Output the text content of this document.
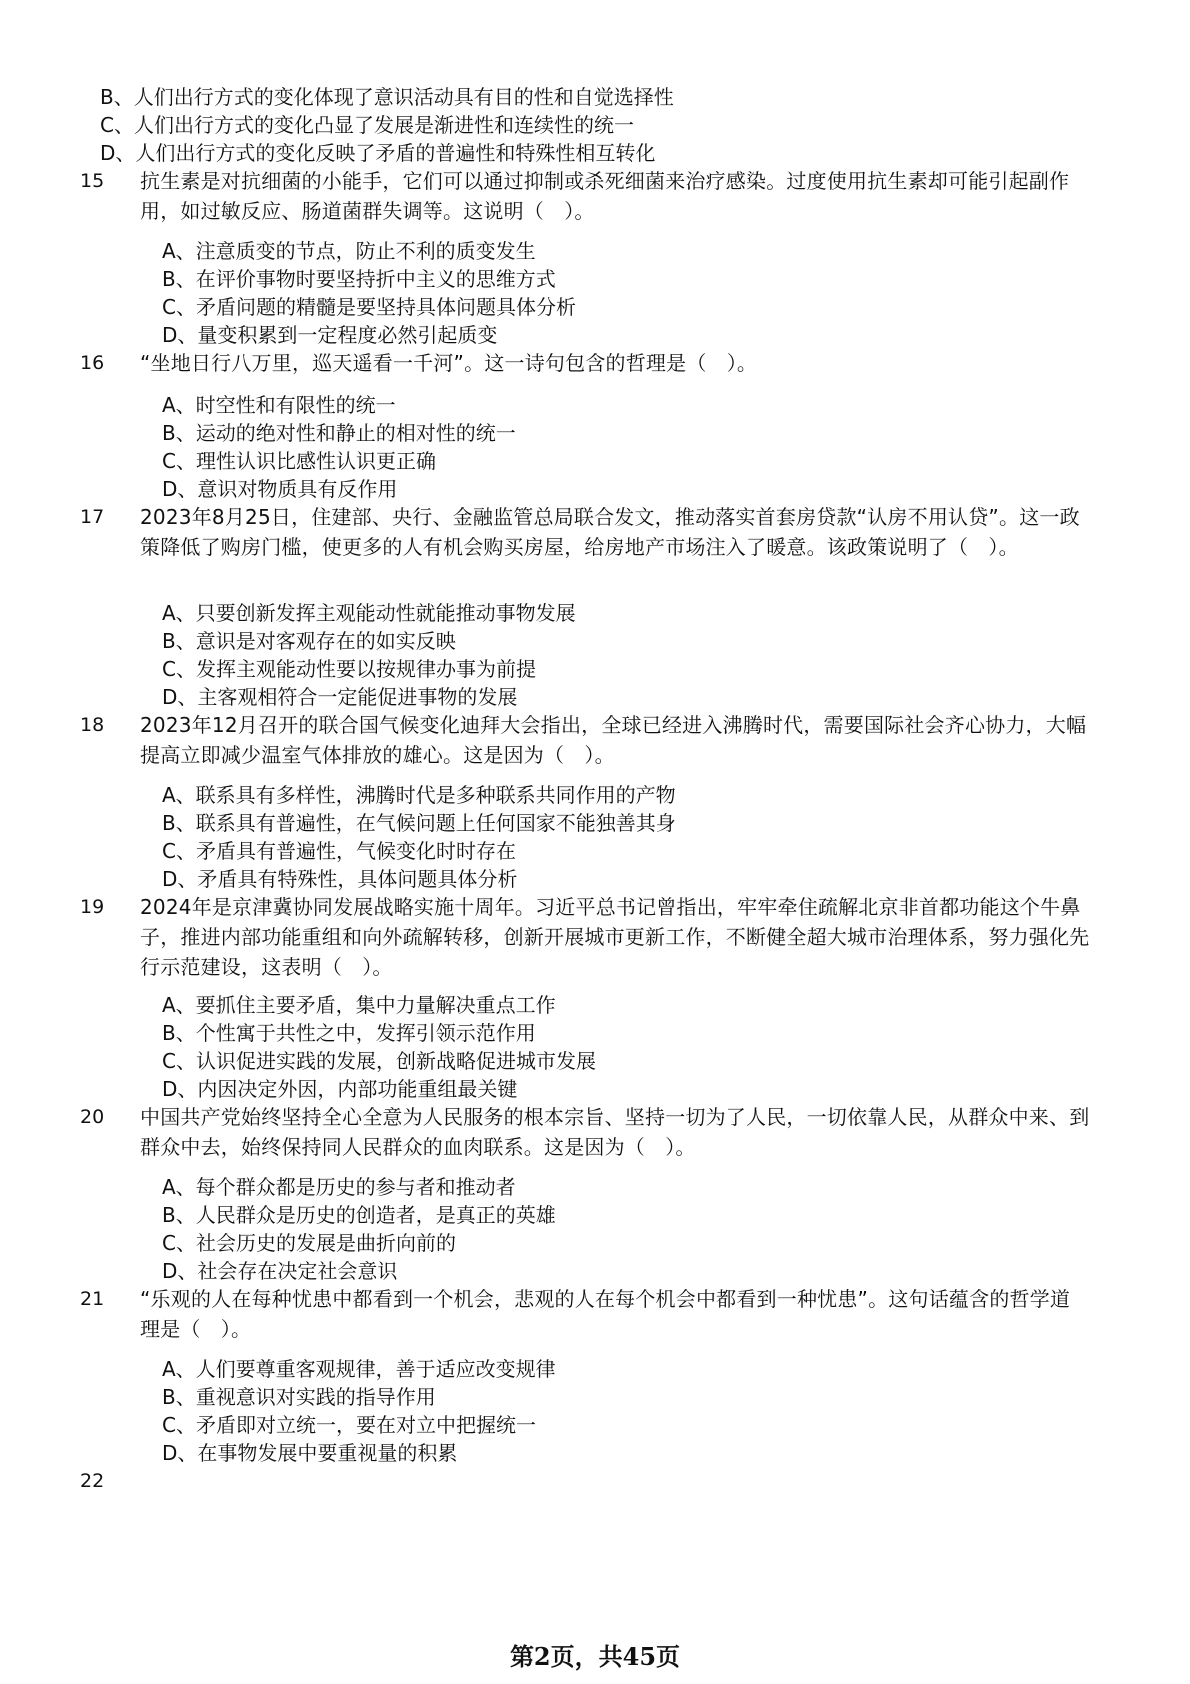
B、人们出行方式的变化体现了意识活动具有目的性和自觉选择性
C、人们出行方式的变化凸显了发展是渐进性和连续性的统一
D、人们出行方式的变化反映了矛盾的普遍性和特殊性相互转化
15 抗生素是对抗细菌的小能手，它们可以通过抑制或杀死细菌来治疗感染。过度使用抗生素却可能引起副作用，如过敏反应、肠道菌群失调等。这说明（　）。
A、注意质变的节点，防止不利的质变发生
B、在评价事物时要坚持折中主义的思维方式
C、矛盾问题的精髓是要坚持具体问题具体分析
D、量变积累到一定程度必然引起质变
16 “坐地日行八万里，巡天遥看一千河”。这一诗句包含的哲理是（　）。
A、时空性和有限性的统一
B、运动的绝对性和静止的相对性的统一
C、理性认识比感性认识更正确
D、意识对物质具有反作用
17 2023年8月25日，住建部、央行、金融监管总局联合发文，推动落实首套房贷款“认房不用认贷”。这一政策降低了购房门槛，使更多的人有机会购买房屋，给房地产市场注入了暖意。该政策说明了（　）。
A、只要创新发挥主观能动性就能推动事物发展
B、意识是对客观存在的如实反映
C、发挥主观能动性要以按规律办事为前提
D、主客观相符合一定能促进事物的发展
18 2023年12月召开的联合国气候变化迪拜大会指出，全球已经进入沸腾时代，需要国际社会齐心协力，大幅提高立即减少温室气体排放的雄心。这是因为（　）。
A、联系具有多样性，沸腾时代是多种联系共同作用的产物
B、联系具有普遍性，在气候问题上任何国家不能独善其身
C、矛盾具有普遍性，气候变化时时存在
D、矛盾具有特殊性，具体问题具体分析
19 2024年是京津冀协同发展战略实施十周年。习近平总书记曾指出，牢牢牵住疏解北京非首都功能这个牛鼻子，推进内部功能重组和向外疏解转移，创新开展城市更新工作，不断健全超大城市治理体系，努力强化先行示范建设，这表明（　）。
A、要抓住主要矛盾，集中力量解决重点工作
B、个性寓于共性之中，发挥引领示范作用
C、认识促进实践的发展，创新战略促进城市发展
D、内因决定外因，内部功能重组最关键
20 中国共产党始终坚持全心全意为人民服务的根本宗旨、坚持一切为了人民，一切依靠人民，从群众中来、到群众中去，始终保持同人民群众的血肉联系。这是因为（　）。
A、每个群众都是历史的参与者和推动者
B、人民群众是历史的创造者，是真正的英雄
C、社会历史的发展是曲折向前的
D、社会存在决定社会意识
21 “乐观的人在每种忧患中都看到一个机会，悲观的人在每个机会中都看到一种忧患”。这句话蕴含的哲学道理是（　）。
A、人们要尊重客观规律，善于适应改变规律
B、重视意识对实践的指导作用
C、矛盾即对立统一，要在对立中把握统一
D、在事物发展中要重视量的积累
22
第2页，共45页
